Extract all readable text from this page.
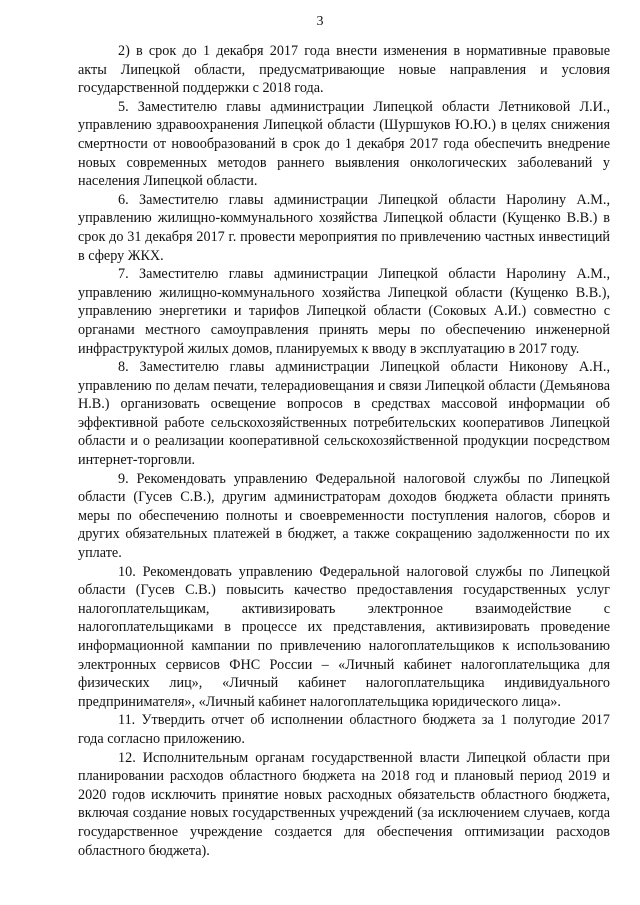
3

2) в срок до 1 декабря 2017 года внести изменения в нормативные правовые акты Липецкой области, предусматривающие новые направления и условия государственной поддержки с 2018 года.

5. Заместителю главы администрации Липецкой области Летниковой Л.И., управлению здравоохранения Липецкой области (Шуршуков Ю.Ю.) в целях снижения смертности от новообразований в срок до 1 декабря 2017 года обеспечить внедрение новых современных методов раннего выявления онкологических заболеваний у населения Липецкой области.

6. Заместителю главы администрации Липецкой области Наролину А.М., управлению жилищно-коммунального хозяйства Липецкой области (Кущенко В.В.) в срок до 31 декабря 2017 г. провести мероприятия по привлечению частных инвестиций в сферу ЖКХ.

7. Заместителю главы администрации Липецкой области Наролину А.М., управлению жилищно-коммунального хозяйства Липецкой области (Кущенко В.В.), управлению энергетики и тарифов Липецкой области (Соковых А.И.) совместно с органами местного самоуправления принять меры по обеспечению инженерной инфраструктурой жилых домов, планируемых к вводу в эксплуатацию в 2017 году.

8. Заместителю главы администрации Липецкой области Никонову А.Н., управлению по делам печати, телерадиовещания и связи Липецкой области (Демьянова Н.В.) организовать освещение вопросов в средствах массовой информации об эффективной работе сельскохозяйственных потребительских кооперативов Липецкой области и о реализации кооперативной сельскохозяйственной продукции посредством интернет-торговли.

9. Рекомендовать управлению Федеральной налоговой службы по Липецкой области (Гусев С.В.), другим администраторам доходов бюджета области принять меры по обеспечению полноты и своевременности поступления налогов, сборов и других обязательных платежей в бюджет, а также сокращению задолженности по их уплате.

10. Рекомендовать управлению Федеральной налоговой службы по Липецкой области (Гусев С.В.) повысить качество предоставления государственных услуг налогоплательщикам, активизировать электронное взаимодействие с налогоплательщиками в процессе их представления, активизировать проведение информационной кампании по привлечению налогоплательщиков к использованию электронных сервисов ФНС России – «Личный кабинет налогоплательщика для физических лиц», «Личный кабинет налогоплательщика индивидуального предпринимателя», «Личный кабинет налогоплательщика юридического лица».

11. Утвердить отчет об исполнении областного бюджета за 1 полугодие 2017 года согласно приложению.

12. Исполнительным органам государственной власти Липецкой области при планировании расходов областного бюджета на 2018 год и плановый период 2019 и 2020 годов исключить принятие новых расходных обязательств областного бюджета, включая создание новых государственных учреждений (за исключением случаев, когда государственное учреждение создается для обеспечения оптимизации расходов областного бюджета).
